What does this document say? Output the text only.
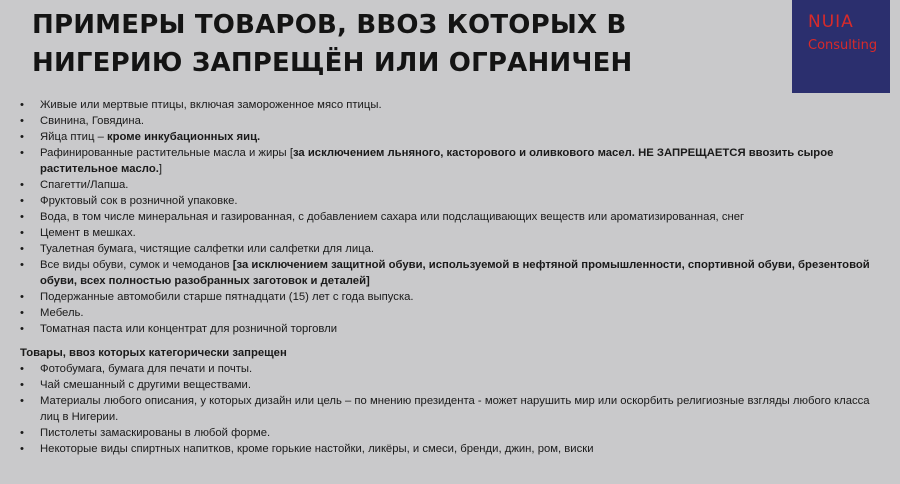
ПРИМЕРЫ ТОВАРОВ, ВВОЗ КОТОРЫХ В НИГЕРИЮ ЗАПРЕЩЁН ИЛИ ОГРАНИЧЕН
NUIA
Consulting
• Живые или мертвые птицы, включая замороженное мясо птицы.
• Свинина, Говядина.
• Яйца птиц – кроме инкубационных яиц.
• Рафинированные растительные масла и жиры [за исключением льняного, касторового и оливкового масел. НЕ ЗАПРЕЩАЕТСЯ ввозить сырое растительное масло.]
• Спагетти/Лапша.
• Фруктовый сок в розничной упаковке.
• Вода, в том числе минеральная и газированная, с добавлением сахара или подслащивающих веществ или ароматизированная, снег
• Цемент в мешках.
• Туалетная бумага, чистящие салфетки или салфетки для лица.
• Все виды обуви, сумок и чемоданов [за исключением защитной обуви, используемой в нефтяной промышленности, спортивной обуви, брезентовой обуви, всех полностью разобранных заготовок и деталей]
• Подержанные автомобили старше пятнадцати (15) лет с года выпуска.
• Мебель.
• Томатная паста или концентрат для розничной торговли
Товары, ввоз которых категорически запрещен
• Фотобумага, бумага для печати и почты.
• Чай смешанный с другими веществами.
• Материалы любого описания, у которых дизайн или цель – по мнению президента - может нарушить мир или оскорбить религиозные взгляды любого класса лиц в Нигерии.
• Пистолеты замаскированы в любой форме.
• Некоторые виды спиртных напитков, кроме горькие настойки, ликёры, и смеси, бренди, джин, ром, виски
